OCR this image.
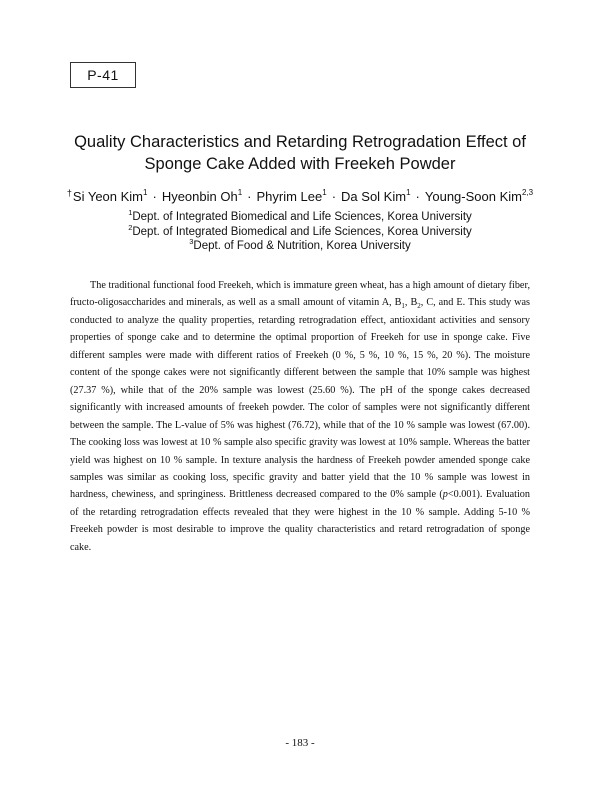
P-41
Quality Characteristics and Retarding Retrogradation Effect of
Sponge Cake Added with Freekeh Powder
†Si Yeon Kim$^1$ · Hyeonbin $Oh^1$ · Phyrim Lee$^1$ · Da Sol Kim$^1$ · Young-Soon Kim$^{2,3}$
$^1$Dept. of Integrated Biomedical and Life Sciences, Korea University
$^2$Dept. of Integrated Biomedical and Life Sciences, Korea University
$^3$Dept. of Food & Nutrition, Korea University

The traditional functional food Freekeh, which is immature green wheat, has a high amount of dietary fiber, fructo-oligosaccharides and minerals, as well as a small amount of vitamin A, $B_1$, $B_2$, C, and E. This study was conducted to analyze the quality properties, retarding retrogradation effect, antioxidant activities and sensory properties of sponge cake and to determine the optimal proportion of Freekeh for use in sponge cake. Five different samples were made with different ratios of Freekeh (0 %, 5 %, 10 %, 15 %, 20 %). The moisture content of the sponge cakes were not significantly different between the sample that 10% sample was highest (27.37 %), while that of the 20% sample was lowest (25.60 %). The pH of the sponge cakes decreased significantly with increased amounts of freekeh powder. The color of samples were not significantly different between the sample. The L-value of 5% was highest (76.72), while that of the 10 % sample was lowest (67.00). The cooking loss was lowest at 10 % sample also specific gravity was lowest at 10% sample. Whereas the batter yield was highest on 10 % sample. In texture analysis the hardness of Freekeh powder amended sponge cake samples was similar as cooking loss, specific gravity and batter yield that the 10 % sample was lowest in hardness, chewiness, and springiness. Brittleness decreased compared to the 0% sample (p<0.001). Evaluation of the retarding retrogradation effects revealed that they were highest in the 10 % sample. Adding 5-10 % Freekeh powder is most desirable to improve the quality characteristics and retard retrogradation of sponge cake.

- 183 -
